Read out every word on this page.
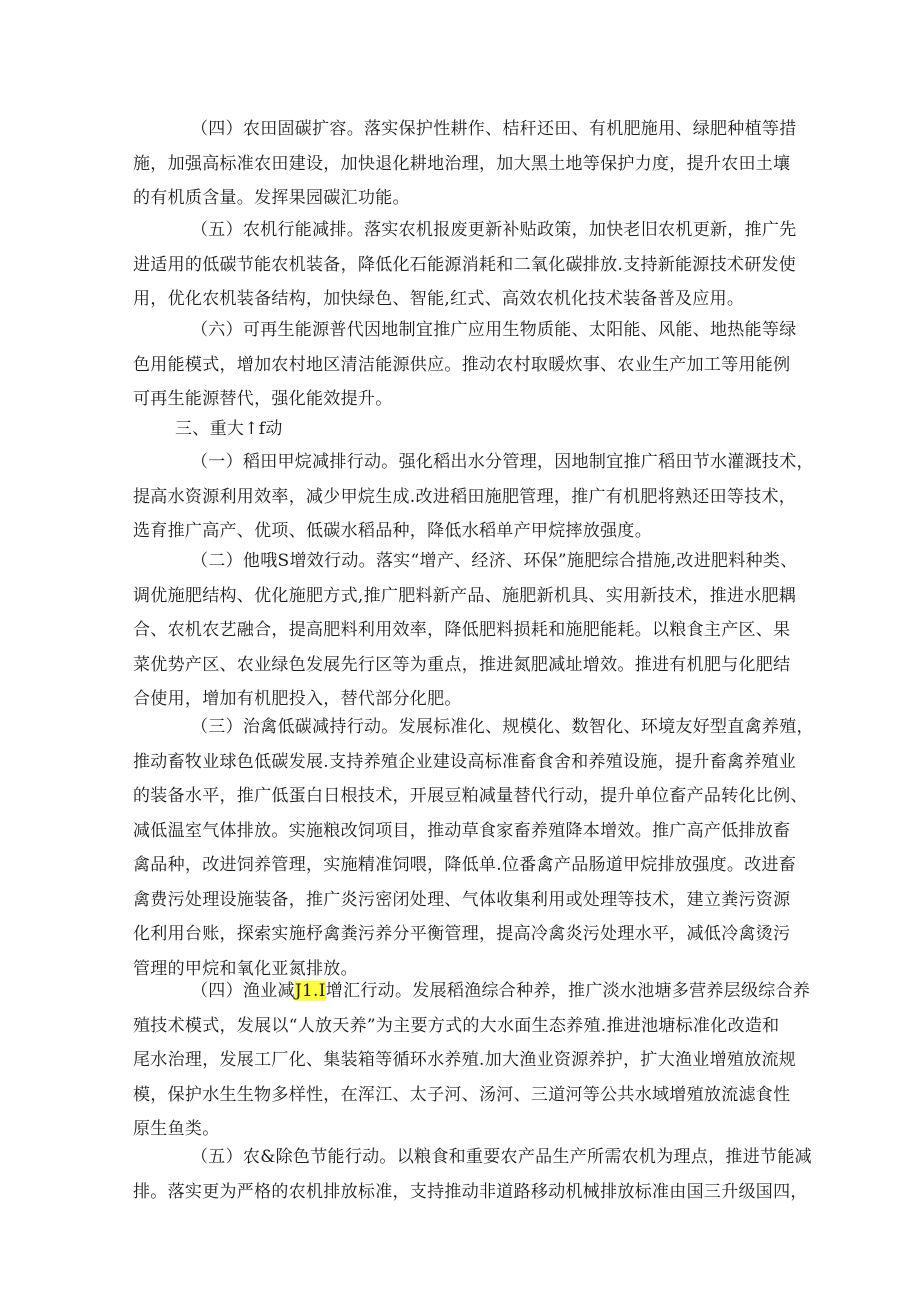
（四）农田固碳扩容。落实保护性耕作、桔秆还田、有机肥施用、绿肥种植等措
施，加强高标准农田建设，加快退化耕地治理，加大黑土地等保护力度，提升农田土壤
的有机质含量。发挥果园碳汇功能。
（五）农机行能减排。落实农机报废更新补贴政策，加快老旧农机更新，推广先
进适用的低碳节能农机装备，降低化石能源消耗和二氧化碳排放.支持新能源技术研发使
用，优化农机装备结构，加快绿色、智能,红式、高效农机化技术装备普及应用。
（六）可再生能源普代因地制宜推广应用生物质能、太阳能、风能、地热能等绿
色用能模式，增加农村地区清洁能源供应。推动农村取暖炊事、农业生产加工等用能例
可再生能源替代，强化能效提升。
三、重大↑f动
（一）稻田甲烷减排行动。强化稻出水分管理，因地制宜推广稻田节水灌溉技术，
提高水资源利用效率，减少甲烷生成.改进稻田施肥管理，推广有机肥将熟还田等技术，
选育推广高产、优项、低碳水稻品种，降低水稻单产甲烷摔放强度。
（二）他哦S增效行动。落实“增产、经济、环保”施肥综合措施,改进肥料种类、
调优施肥结构、优化施肥方式,推广肥料新产品、施肥新机具、实用新技术，推进水肥耦
合、农机农艺融合，提高肥料利用效率，降低肥料损耗和施肥能耗。以粮食主产区、果
菜优势产区、农业绿色发展先行区等为重点，推进氮肥减址增效。推进有机肥与化肥结
合使用，增加有机肥投入，替代部分化肥。
（三）治禽低碳减持行动。发展标准化、规模化、数智化、环境友好型直禽养殖，
推动畜牧业球色低碳发展.支持养殖企业建设高标准畜食舍和养殖设施，提升畜禽养殖业
的装备水平，推广低蛋白日根技术，开展豆粕减量替代行动，提升单位畜产品转化比例、
减低温室气体排放。实施粮改饲项目，推动草食家畜养殖降本增效。推广高产低排放畜
禽品种，改进饲养管理，实施精准饲喂，降低单.位番禽产品肠道甲烷排放强度。改进畜
禽费污处理设施装备，推广炎污密闭处理、气体收集利用或处理等技术，建立粪污资源
化利用台账，探索实施杼禽粪污养分平衡管理，提高冷禽炎污处理水平，减低冷禽烫污
管理的甲烷和氧化亚氮排放。
（四）渔业减J1.I增汇行动。发展稻渔综合种养，推广淡水池塘多营养层级综合养
殖技术模式，发展以“人放天养”为主要方式的大水面生态养殖.推进池塘标准化改造和
尾水治理，发展工厂化、集装箱等循环水养殖.加大渔业资源养护，扩大渔业增殖放流规
模，保护水生生物多样性，在浑江、太子河、汤河、三道河等公共水域增殖放流滤食性
原生鱼类。
（五）农&除色节能行动。以粮食和重要农产品生产所需农机为理点，推进节能减
排。落实更为严格的农机排放标准，支持推动非道路移动机械排放标准由国三升级国四，
